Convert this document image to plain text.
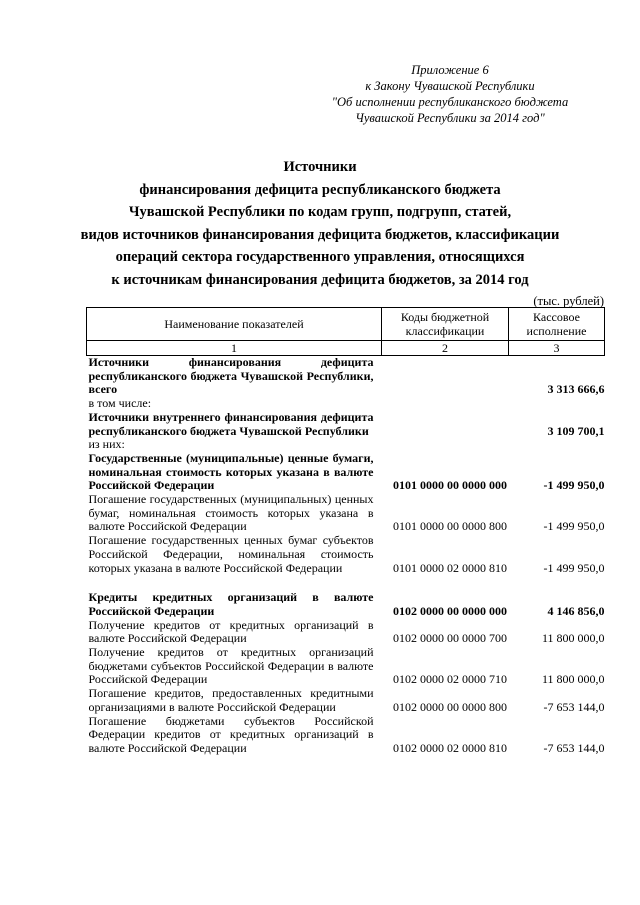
Приложение 6
к Закону Чувашской Республики
"Об исполнении республиканского бюджета
Чувашской Республики за 2014 год"
Источники
финансирования дефицита республиканского бюджета
Чувашской Республики по кодам групп, подгрупп, статей,
видов источников финансирования дефицита бюджетов, классификации
операций сектора государственного управления, относящихся
к источникам финансирования дефицита бюджетов, за 2014 год
(тыс. рублей)
Наименование показателей	Коды бюджетной классификации	Кассовое исполнение
1	2	3
Источники финансирования дефицита республиканского бюджета Чувашской Республики, всего		3 313 666,6
в том числе:		
Источники внутреннего финансирования дефицита республиканского бюджета Чувашской Республики		3 109 700,1
из них:		
Государственные (муниципальные) ценные бумаги, номинальная стоимость которых указана в валюте Российской Федерации	0101 0000 00 0000 000	-1 499 950,0
Погашение государственных (муниципальных) ценных бумаг, номинальная стоимость которых указана в валюте Российской Федерации	0101 0000 00 0000 800	-1 499 950,0
Погашение государственных ценных бумаг субъектов Российской Федерации, номинальная стоимость которых указана в валюте Российской Федерации	0101 0000 02 0000 810	-1 499 950,0

Кредиты кредитных организаций в валюте Российской Федерации	0102 0000 00 0000 000	4 146 856,0
Получение кредитов от кредитных организаций в валюте Российской Федерации	0102 0000 00 0000 700	11 800 000,0
Получение кредитов от кредитных организаций бюджетами субъектов Российской Федерации в валюте Российской Федерации	0102 0000 02 0000 710	11 800 000,0
Погашение кредитов, предоставленных кредитными организациями в валюте Российской Федерации	0102 0000 00 0000 800	-7 653 144,0
Погашение бюджетами субъектов Российской Федерации кредитов от кредитных организаций в валюте Российской Федерации	0102 0000 02 0000 810	-7 653 144,0
